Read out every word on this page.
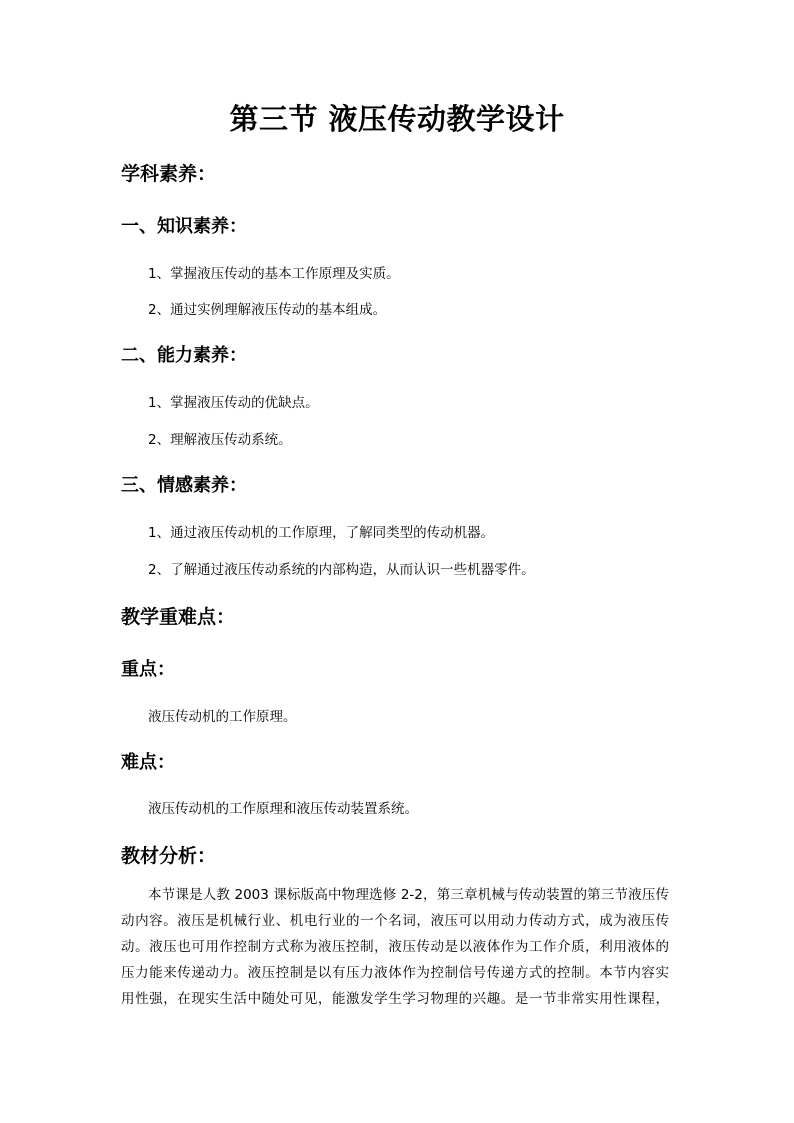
第三节 液压传动教学设计
学科素养：
一、知识素养：
1、掌握液压传动的基本工作原理及实质。
2、通过实例理解液压传动的基本组成。
二、能力素养：
1、掌握液压传动的优缺点。
2、理解液压传动系统。
三、情感素养：
1、通过液压传动机的工作原理，了解同类型的传动机器。
2、了解通过液压传动系统的内部构造，从而认识一些机器零件。
教学重难点：
重点：
液压传动机的工作原理。
难点：
液压传动机的工作原理和液压传动装置系统。
教材分析：
本节课是人教 2003 课标版高中物理选修 2-2，第三章机械与传动装置的第三节液压传
动内容。液压是机械行业、机电行业的一个名词，液压可以用动力传动方式，成为液压传
动。液压也可用作控制方式称为液压控制，液压传动是以液体作为工作介质，利用液体的
压力能来传递动力。液压控制是以有压力液体作为控制信号传递方式的控制。本节内容实
用性强，在现实生活中随处可见，能激发学生学习物理的兴趣。是一节非常实用性课程，
